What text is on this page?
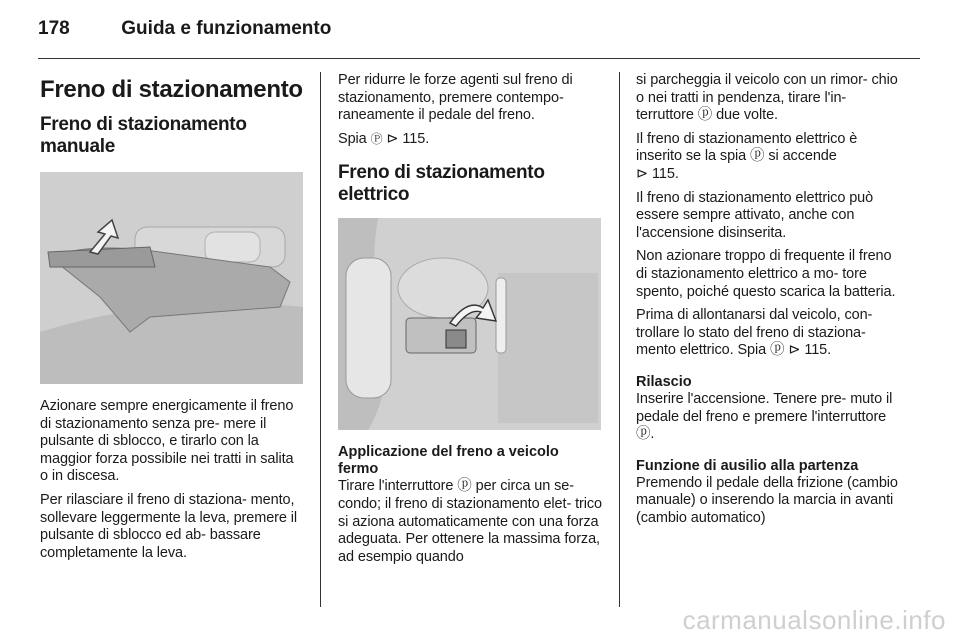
178	Guida e funzionamento
Freno di stazionamento
Freno di stazionamento manuale

Azionare sempre energicamente il freno di stazionamento senza pre- mere il pulsante di sblocco, e tirarlo con la maggior forza possibile nei tratti in salita o in discesa.

Per rilasciare il freno di staziona- mento, sollevare leggermente la leva, premere il pulsante di sblocco ed ab- bassare completamente la leva.

Per ridurre le forze agenti sul freno di stazionamento, premere contempo- raneamente il pedale del freno.

Spia Ⓟ ⊳ 115.

Freno di stazionamento elettrico
Applicazione del freno a veicolo fermo

Tirare l'interruttore ⓟ per circa un se- condo; il freno di stazionamento elet- trico si aziona automaticamente con una forza adeguata. Per ottenere la massima forza, ad esempio quando

si parcheggia il veicolo con un rimor- chio o nei tratti in pendenza, tirare l'in- terruttore ⓟ due volte.

Il freno di stazionamento elettrico è inserito se la spia ⓟ si accende
⊳ 115.

Il freno di stazionamento elettrico può essere sempre attivato, anche con l'accensione disinserita.

Non azionare troppo di frequente il freno di stazionamento elettrico a mo- tore spento, poiché questo scarica la batteria.

Prima di allontanarsi dal veicolo, con- trollare lo stato del freno di staziona- mento elettrico. Spia ⓟ ⊳ 115.

Rilascio

Inserire l'accensione. Tenere pre- muto il pedale del freno e premere l'interruttore ⓟ.

Funzione di ausilio alla partenza

Premendo il pedale della frizione (cambio manuale) o inserendo la marcia in avanti (cambio automatico)

carmanualsonline.info
